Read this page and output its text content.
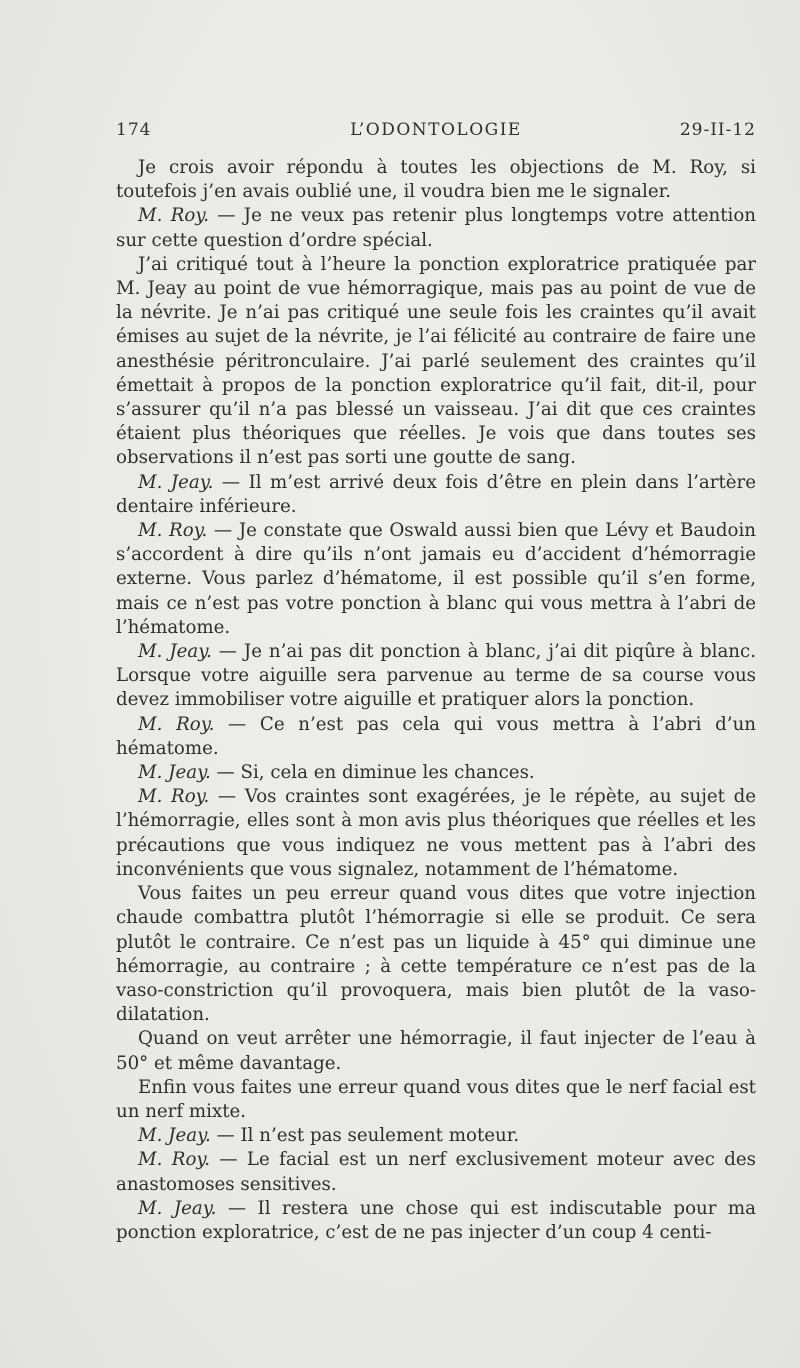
174	L’ODONTOLOGIE	29-II-12

Je crois avoir répondu à toutes les objections de M. Roy, si toutefois j’en avais oublié une, il voudra bien me le signaler.

M. Roy. — Je ne veux pas retenir plus longtemps votre attention sur cette question d’ordre spécial.

J’ai critiqué tout à l’heure la ponction exploratrice pratiquée par M. Jeay au point de vue hémorragique, mais pas au point de vue de la névrite. Je n’ai pas critiqué une seule fois les craintes qu’il avait émises au sujet de la névrite, je l’ai félicité au contraire de faire une anesthésie péritronculaire. J’ai parlé seulement des craintes qu’il émettait à propos de la ponction exploratrice qu’il fait, dit-il, pour s’assurer qu’il n’a pas blessé un vaisseau. J’ai dit que ces craintes étaient plus théoriques que réelles. Je vois que dans toutes ses observations il n’est pas sorti une goutte de sang.

M. Jeay. — Il m’est arrivé deux fois d’être en plein dans l’artère dentaire inférieure.

M. Roy. — Je constate que Oswald aussi bien que Lévy et Baudoin s’accordent à dire qu’ils n’ont jamais eu d’accident d’hémorragie externe. Vous parlez d’hématome, il est possible qu’il s’en forme, mais ce n’est pas votre ponction à blanc qui vous mettra à l’abri de l’hématome.

M. Jeay. — Je n’ai pas dit ponction à blanc, j’ai dit piqûre à blanc. Lorsque votre aiguille sera parvenue au terme de sa course vous devez immobiliser votre aiguille et pratiquer alors la ponction.

M. Roy. — Ce n’est pas cela qui vous mettra à l’abri d’un hématome.

M. Jeay. — Si, cela en diminue les chances.

M. Roy. — Vos craintes sont exagérées, je le répète, au sujet de l’hémorragie, elles sont à mon avis plus théoriques que réelles et les précautions que vous indiquez ne vous mettent pas à l’abri des inconvénients que vous signalez, notamment de l’hématome.

Vous faites un peu erreur quand vous dites que votre injection chaude combattra plutôt l’hémorragie si elle se produit. Ce sera plutôt le contraire. Ce n’est pas un liquide à 45° qui diminue une hémorragie, au contraire ; à cette température ce n’est pas de la vaso-constriction qu’il provoquera, mais bien plutôt de la vaso-dilatation.

Quand on veut arrêter une hémorragie, il faut injecter de l’eau à 50° et même davantage.

Enfin vous faites une erreur quand vous dites que le nerf facial est un nerf mixte.

M. Jeay. — Il n’est pas seulement moteur.

M. Roy. — Le facial est un nerf exclusivement moteur avec des anastomoses sensitives.

M. Jeay. — Il restera une chose qui est indiscutable pour ma ponction exploratrice, c’est de ne pas injecter d’un coup 4 centi-
